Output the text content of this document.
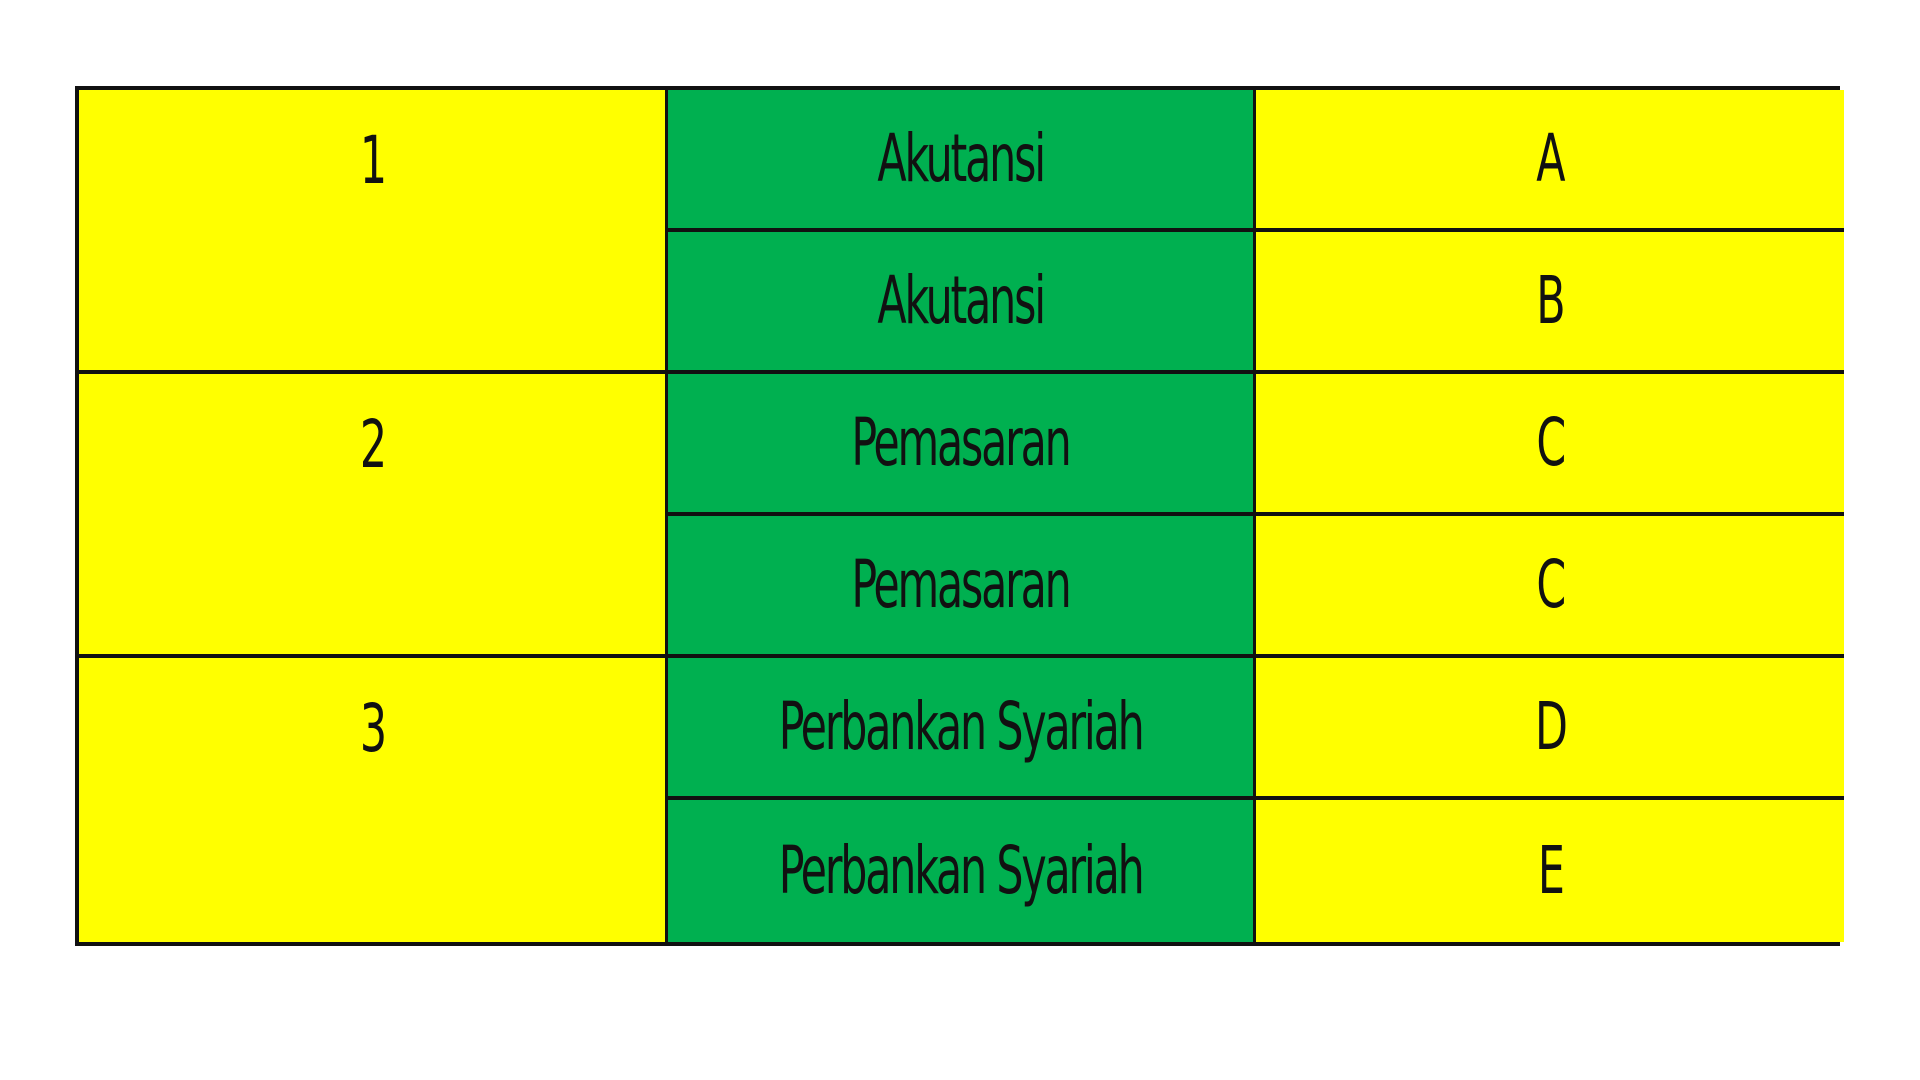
1	Akutansi	A
Akutansi	B
2	Pemasaran	C
Pemasaran	C
3	Perbankan Syariah	D
Perbankan Syariah	E
